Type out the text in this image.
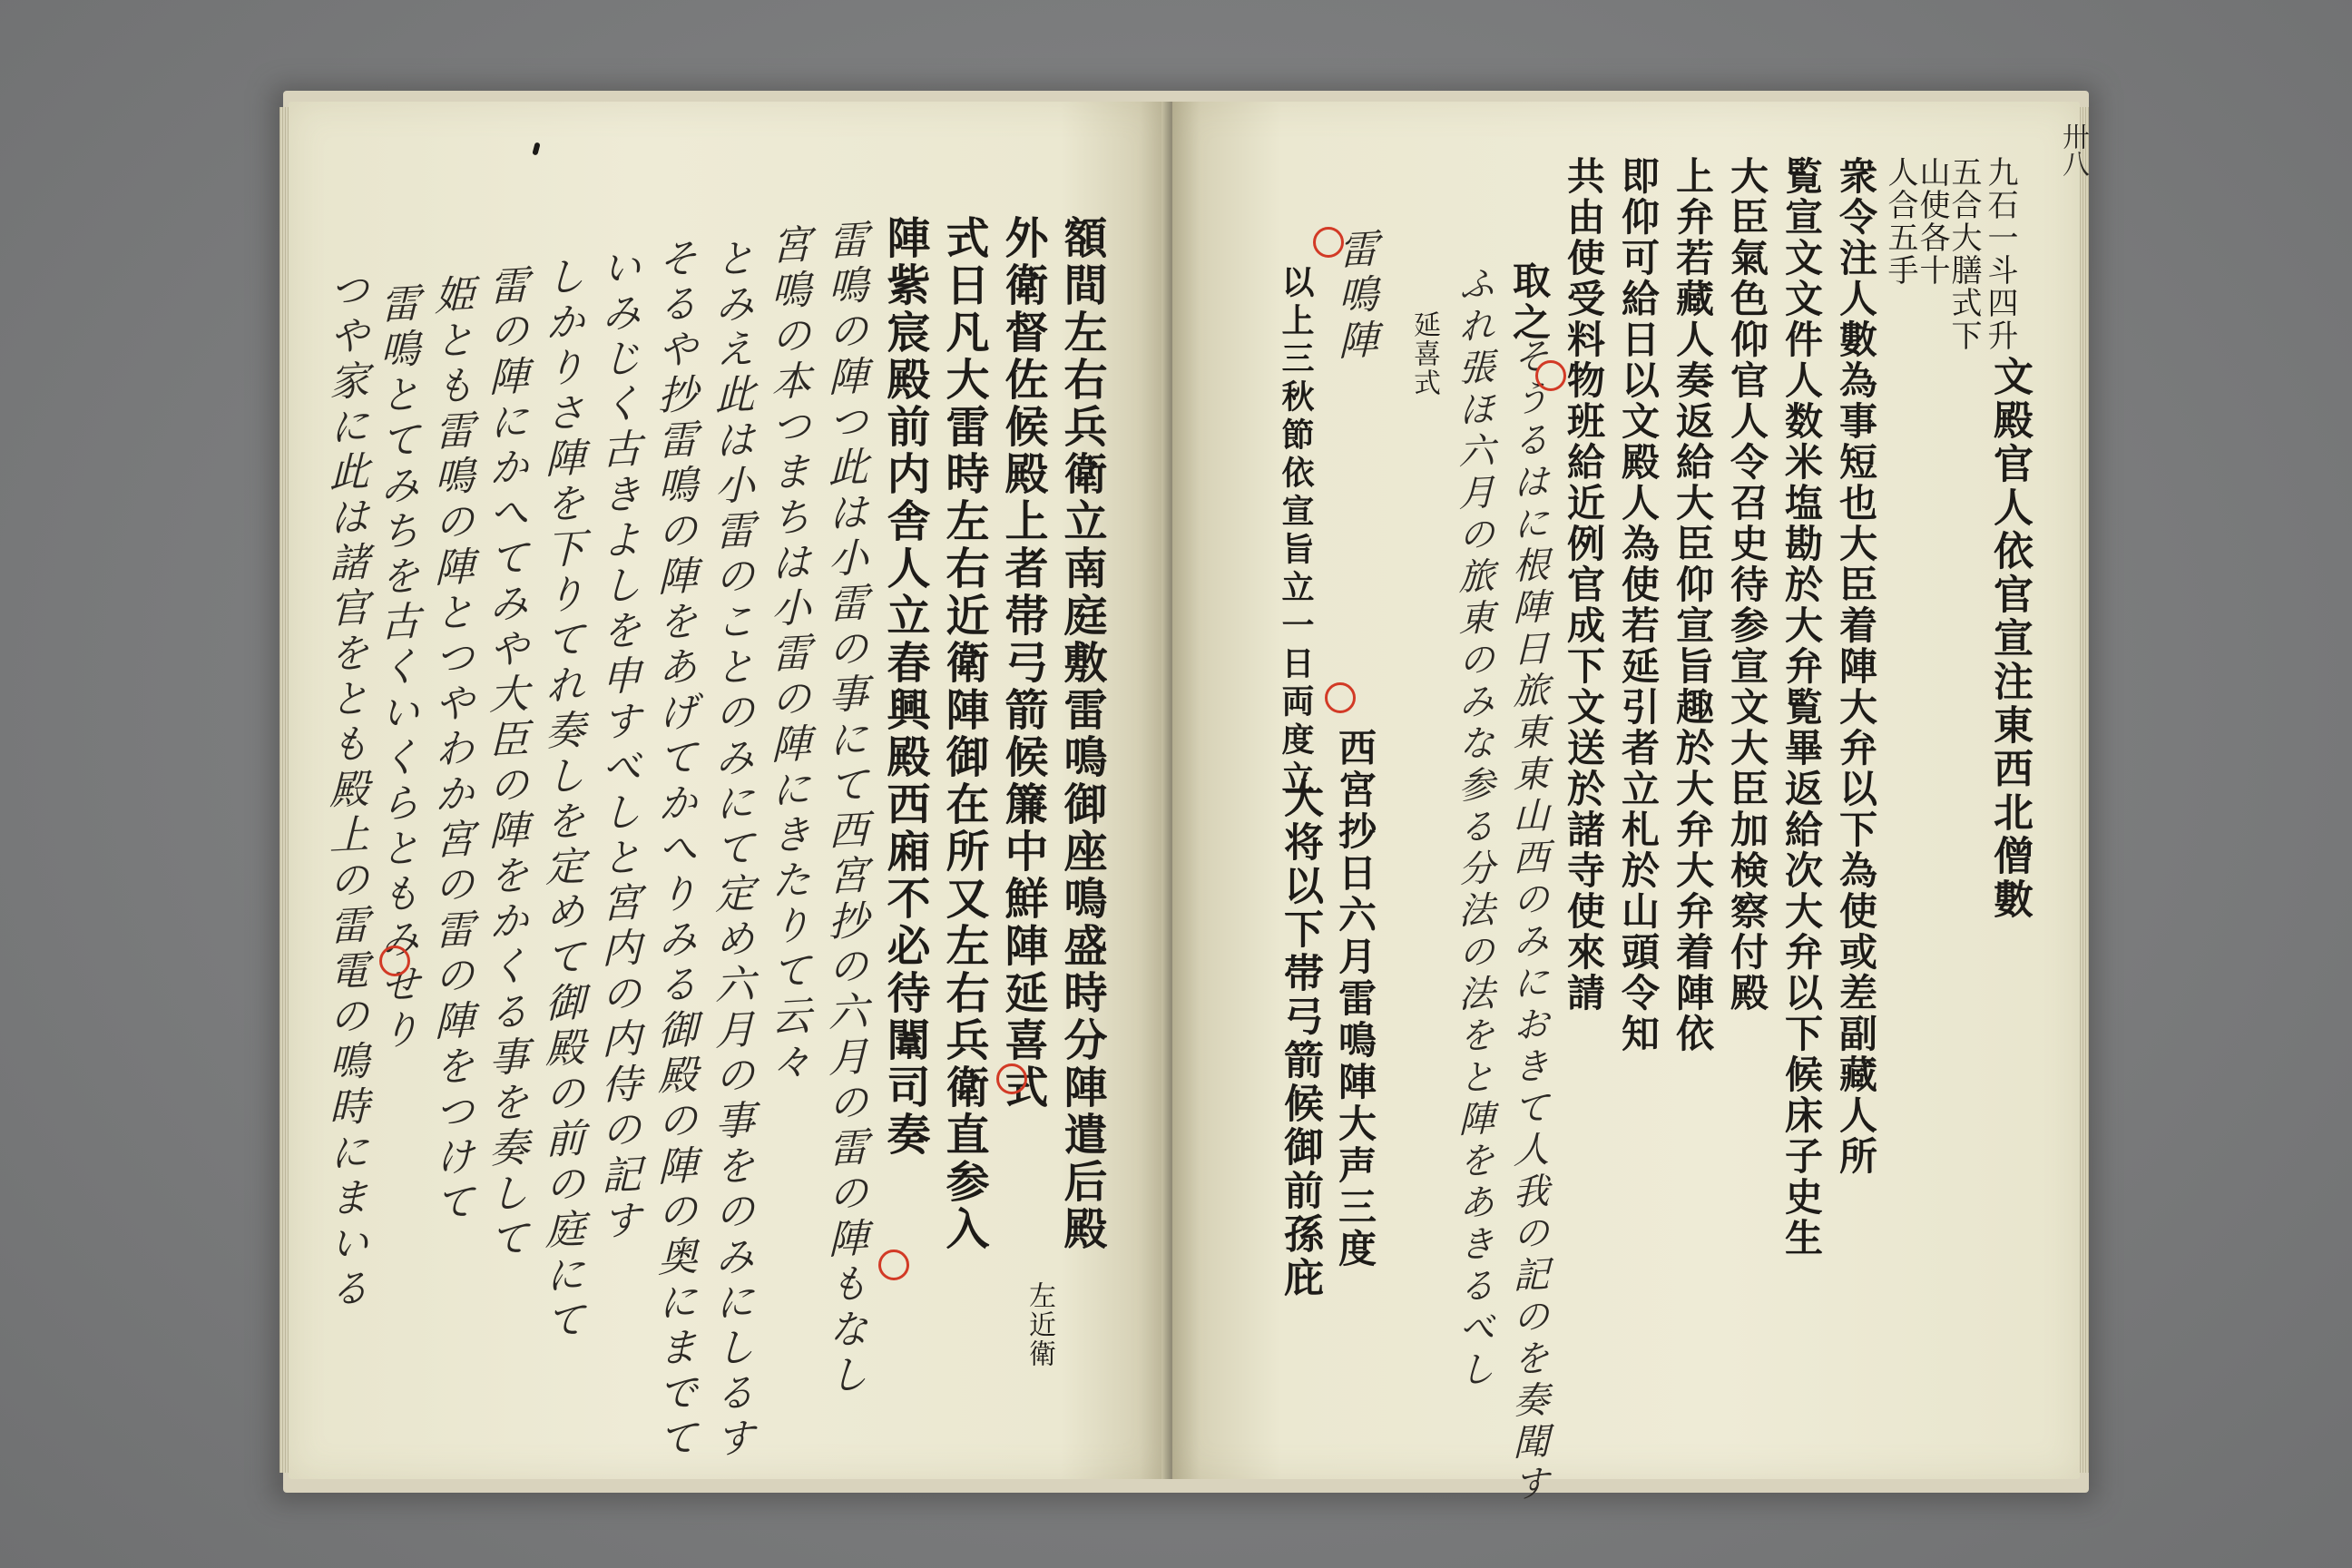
額間左右兵衛立南庭敷雷鳴御座鳴盛時分陣遣后殿
外衛督佐候殿上者帯弓箭候簾中鮮陣延喜式
式日凡大雷時左右近衛陣御在所又左右兵衛直参入
陣紫宸殿前内舎人立春興殿西廂不必待闈司奏
左近衛
雷鳴の陣つ此は小雷の事にて西宮抄の六月の雷の陣もなし
宮鳴の本つまちは小雷の陣にきたりて云々
とみえ此は小雷のことのみにて定め六月の事をのみにしるす
そるや抄雷鳴の陣をあげてかへりみる御殿の陣の奥にまでて
いみじく古きよしを申すべしと宮内の内侍の記す
しかりさ陣を下りてれ奏しを定めて御殿の前の庭にて
雷の陣にかへてみや大臣の陣をかくる事を奏して
姫とも雷鳴の陣とつやわか宮の雷の陣をつけて
雷鳴とてみちを古くいくらともみせり
つや家に此は諸官をとも殿上の雷電の鳴時にまいる
九石一斗四升
五合大膳式下
山使各十
人合五手
文殿官人依官宣注東西北僧數
衆令注人數為事短也大臣着陣大弁以下為使或差副藏人所
覧宣文文件人数米塩勘於大弁覧畢返給次大弁以下候床子史生
大臣氣色仰官人令召史待参宣文大臣加検察付殿
上弁若藏人奏返給大臣仰宣旨趣於大弁大弁着陣依
即仰可給日以文殿人為使若延引者立札於山頭令知
共由使受料物班給近例官成下文送於諸寺使來請
取之
そうるはに根陣日旅東東山西のみにおきて人我の記のを奏聞す
ふれ張ほ六月の旅東のみな参る分法の法をと陣をあきるべし
延喜式
雷鳴陣
以上三秋節依宣旨立一日両度立
西宮抄日六月雷鳴陣大声三度
大将以下帯弓箭候御前孫庇
卅八
